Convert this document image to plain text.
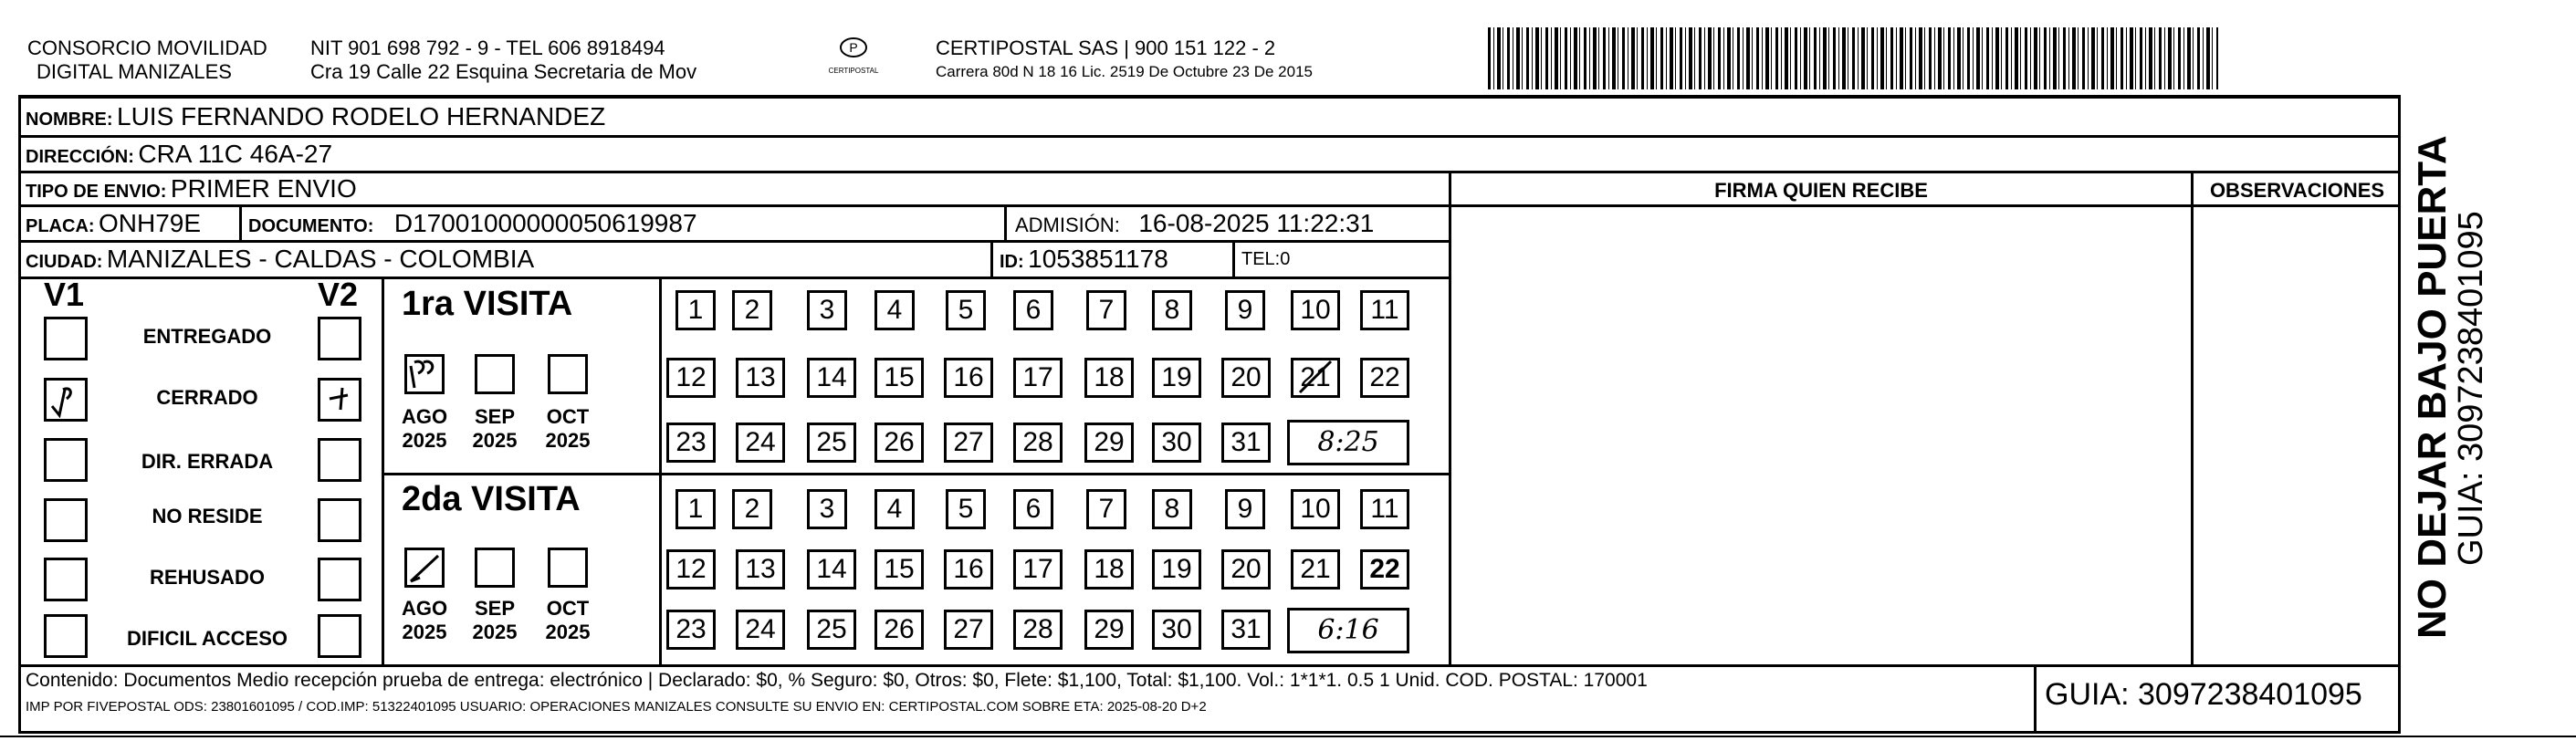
CONSORCIO MOVILIDAD
DIGITAL MANIZALES
NIT 901 698 792 - 9 - TEL 606 8918494
Cra 19 Calle 22 Esquina Secretaria de Mov
P
CERTIPOSTAL
CERTIPOSTAL SAS | 900 151 122 - 2
Carrera 80d N 18 16 Lic. 2519 De Octubre 23 De 2015
NOMBRE: LUIS FERNANDO RODELO HERNANDEZ
DIRECCIÓN: CRA 11C 46A-27
TIPO DE ENVIO: PRIMER ENVIO	FIRMA QUIEN RECIBE	OBSERVACIONES
PLACA: ONH79E	DOCUMENTO: D17001000000050619987	ADMISIÓN: 16-08-2025 11:22:31
CIUDAD: MANIZALES - CALDAS - COLOMBIA	ID: 1053851178	TEL:0
V1	V2
ENTREGADO
CERRADO
DIR. ERRADA
NO RESIDE
REHUSADO
DIFICIL ACCESO
1ra VISITA
AGO
2025
SEP
2025
OCT
2025
1	2	3	4	5	6	7	8	9	10	11
12	13	14	15	16	17	18	19	20	21	22
23	24	25	26	27	28	29	30	31	8:25
2da VISITA
AGO
2025
SEP
2025
OCT
2025
1	2	3	4	5	6	7	8	9	10	11
12	13	14	15	16	17	18	19	20	21	22
23	24	25	26	27	28	29	30	31	6:16
Contenido: Documentos Medio recepción prueba de entrega: electrónico | Declarado: $0, % Seguro: $0, Otros: $0, Flete: $1,100, Total: $1,100. Vol.: 1*1*1. 0.5 1 Unid. COD. POSTAL: 170001
IMP POR FIVEPOSTAL ODS: 23801601095 / COD.IMP: 51322401095 USUARIO: OPERACIONES MANIZALES CONSULTE SU ENVIO EN: CERTIPOSTAL.COM SOBRE ETA: 2025-08-20 D+2	GUIA: 3097238401095
NO DEJAR BAJO PUERTA
GUIA: 3097238401095
